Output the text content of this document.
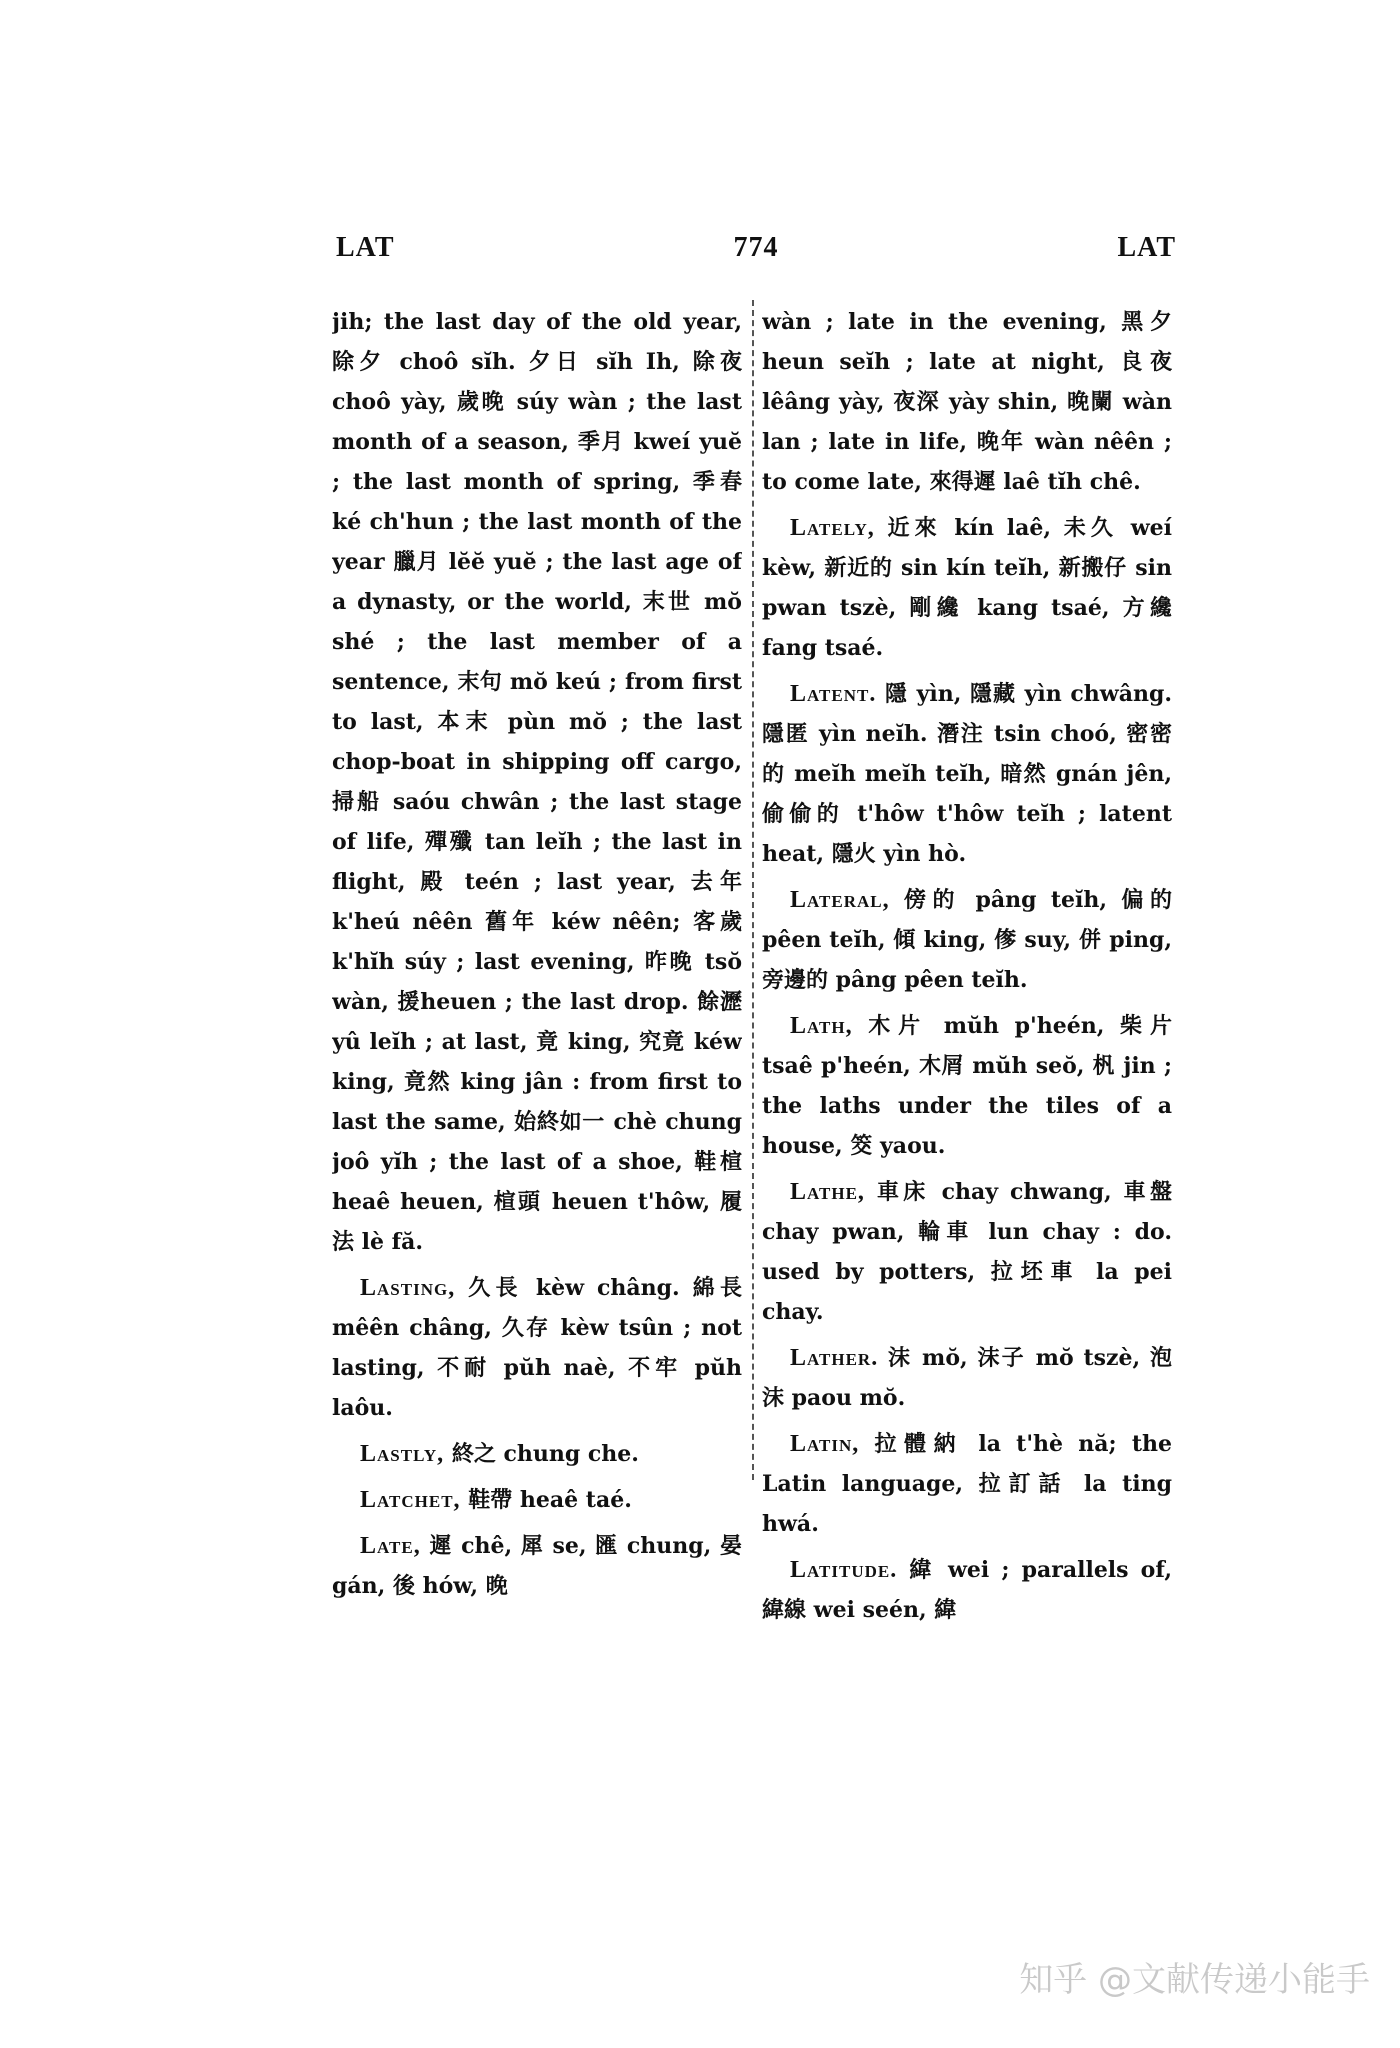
LAT	774	LAT

jih; the last day of the old year, 除夕 choô sĭh. 夕日 sĭh Ih, 除夜 choô yày, 歲晚 súy wàn ; the last month of a season, 季月 kweí yuĕ ; the last month of spring, 季春 ké ch'hun ; the last month of the year 臘月 lĕĕ yuĕ ; the last age of a dynasty, or the world, 末世 mŏ shé ; the last member of a sentence, 末句 mŏ keú ; from first to last, 本末 pùn mŏ ; the last chop-boat in shipping off cargo, 掃船 saóu chwân ; the last stage of life, 殫殲 tan leĭh ; the last in flight, 殿 teén ; last year, 去年 k'heú nêên 舊年 kéw nêên; 客歲 k'hĭh súy ; last evening, 昨晚 tsŏ wàn, 援heuen ; the last drop. 餘瀝 yû leĭh ; at last, 竟 king, 究竟 kéw king, 竟然 king jân : from first to last the same, 始終如一 chè chung joô yĭh ; the last of a shoe, 鞋楦 heaê heuen, 楦頭 heuen t'hôw, 履法 lè fă.

Lasting, 久長 kèw châng. 綿長 mêên châng, 久存 kèw tsûn ; not lasting, 不耐 pŭh naè, 不牢 pŭh laôu.

Lastly, 終之 chung che.

Latchet, 鞋帶 heaê taé.

Late, 遲 chê, 犀 se, 匯 chung, 晏 gán, 後 hów, 晚

wàn ; late in the evening, 黑夕 heun seĭh ; late at night, 良夜 lêâng yày, 夜深 yày shin, 晚闌 wàn lan ; late in life, 晚年 wàn nêên ; to come late, 來得遲 laê tĭh chê.

Lately, 近來 kín laê, 未久 weí kèw, 新近的 sin kín teĭh, 新搬仔 sin pwan tszè, 剛纔 kang tsaé, 方纔 fang tsaé.

Latent. 隱 yìn, 隱藏 yìn chwâng. 隱匿 yìn neĭh. 潛注 tsin choó, 密密的 meĭh meĭh teĭh, 暗然 gnán jên, 偷偷的 t'hôw t'hôw teĭh ; latent heat, 隱火 yìn hò.

Lateral, 傍的 pâng teĭh, 偏的 pêen teĭh, 傾 king, 偧 suy, 併 ping, 旁邊的 pâng pêen teĭh.

Lath, 木片 mŭh p'heén, 柴片 tsaê p'heén, 木屑 mŭh seŏ, 杋 jin ; the laths under the tiles of a house, 筊 yaou.

Lathe, 車床 chay chwang, 車盤 chay pwan, 輪車 lun chay : do. used by potters, 拉坯車 la pei chay.

Lather. 沫 mŏ, 沫子 mŏ tszè, 泡沫 paou mŏ.

Latin, 拉體納 la t'hè nă; the Latin language, 拉訂話 la ting hwá.

Latitude. 緯 wei ; parallels of, 緯線 wei seén, 緯

知乎 @文献传递小能手
